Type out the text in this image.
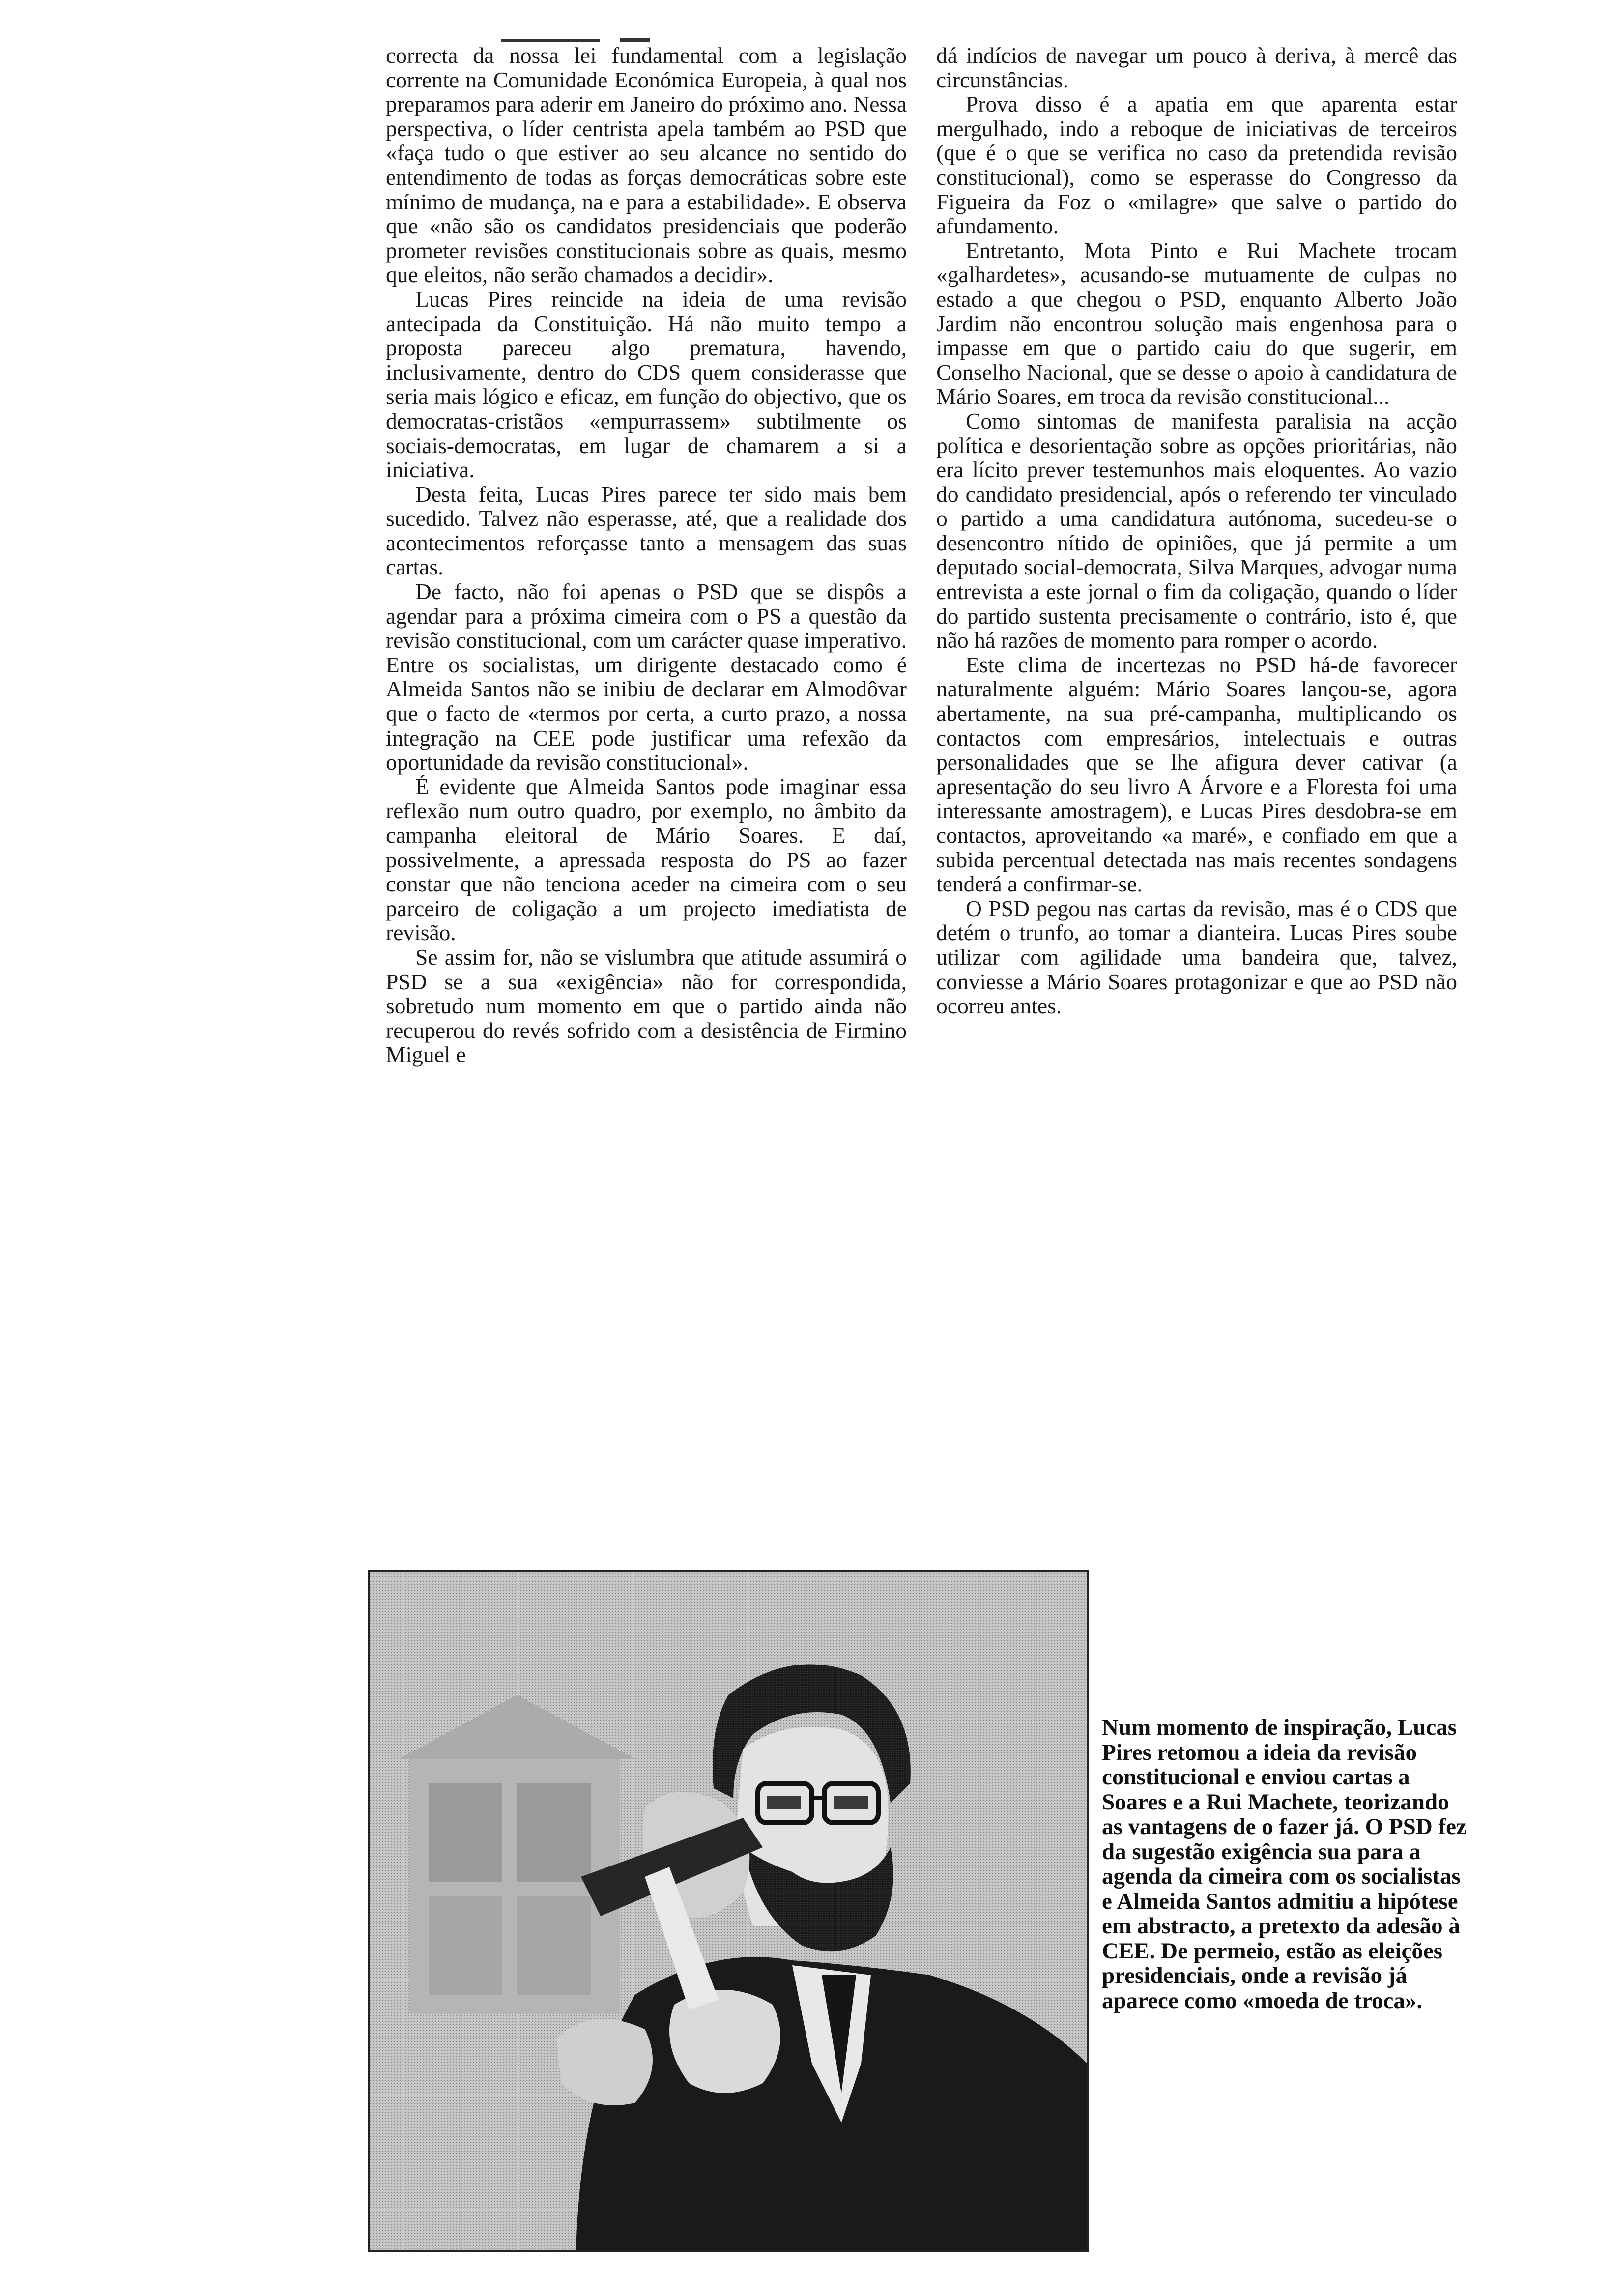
correcta da nossa lei fundamental com a legislação corrente na Comunidade Económica Europeia, à qual nos preparamos para aderir em Janeiro do próximo ano. Nessa perspectiva, o líder centrista apela também ao PSD que «faça tudo o que estiver ao seu alcance no sentido do entendimento de todas as forças democráticas sobre este mínimo de mudança, na e para a estabilidade». E observa que «não são os candidatos presidenciais que poderão prometer revisões constitucionais sobre as quais, mesmo que eleitos, não serão chamados a decidir».

Lucas Pires reincide na ideia de uma revisão antecipada da Constituição. Há não muito tempo a proposta pareceu algo prematura, havendo, inclusivamente, dentro do CDS quem considerasse que seria mais lógico e eficaz, em função do objectivo, que os democratas-cristãos «empurrassem» subtilmente os sociais-democratas, em lugar de chamarem a si a iniciativa.

Desta feita, Lucas Pires parece ter sido mais bem sucedido. Talvez não esperasse, até, que a realidade dos acontecimentos reforçasse tanto a mensagem das suas cartas.

De facto, não foi apenas o PSD que se dispôs a agendar para a próxima cimeira com o PS a questão da revisão constitucional, com um carácter quase imperativo. Entre os socialistas, um dirigente destacado como é Almeida Santos não se inibiu de declarar em Almodôvar que o facto de «termos por certa, a curto prazo, a nossa integração na CEE pode justificar uma refexão da oportunidade da revisão constitucional».

É evidente que Almeida Santos pode imaginar essa reflexão num outro quadro, por exemplo, no âmbito da campanha eleitoral de Mário Soares. E daí, possivelmente, a apressada resposta do PS ao fazer constar que não tenciona aceder na cimeira com o seu parceiro de coligação a um projecto imediatista de revisão.

Se assim for, não se vislumbra que atitude assumirá o PSD se a sua «exigência» não for correspondida, sobretudo num momento em que o partido ainda não recuperou do revés sofrido com a desistência de Firmino Miguel e

dá indícios de navegar um pouco à deriva, à mercê das circunstâncias.

Prova disso é a apatia em que aparenta estar mergulhado, indo a reboque de iniciativas de terceiros (que é o que se verifica no caso da pretendida revisão constitucional), como se esperasse do Congresso da Figueira da Foz o «milagre» que salve o partido do afundamento.

Entretanto, Mota Pinto e Rui Machete trocam «galhardetes», acusando-se mutuamente de culpas no estado a que chegou o PSD, enquanto Alberto João Jardim não encontrou solução mais engenhosa para o impasse em que o partido caiu do que sugerir, em Conselho Nacional, que se desse o apoio à candidatura de Mário Soares, em troca da revisão constitucional...

Como sintomas de manifesta paralisia na acção política e desorientação sobre as opções prioritárias, não era lícito prever testemunhos mais eloquentes. Ao vazio do candidato presidencial, após o referendo ter vinculado o partido a uma candidatura autónoma, sucedeu-se o desencontro nítido de opiniões, que já permite a um deputado social-democrata, Silva Marques, advogar numa entrevista a este jornal o fim da coligação, quando o líder do partido sustenta precisamente o contrário, isto é, que não há razões de momento para romper o acordo.

Este clima de incertezas no PSD há-de favorecer naturalmente alguém: Mário Soares lançou-se, agora abertamente, na sua pré-campanha, multiplicando os contactos com empresários, intelectuais e outras personalidades que se lhe afigura dever cativar (a apresentação do seu livro A Árvore e a Floresta foi uma interessante amostragem), e Lucas Pires desdobra-se em contactos, aproveitando «a maré», e confiado em que a subida percentual detectada nas mais recentes sondagens tenderá a confirmar-se.

O PSD pegou nas cartas da revisão, mas é o CDS que detém o trunfo, ao tomar a dianteira. Lucas Pires soube utilizar com agilidade uma bandeira que, talvez, conviesse a Mário Soares protagonizar e que ao PSD não ocorreu antes.

Num momento de inspiração, Lucas Pires retomou a ideia da revisão constitucional e enviou cartas a Soares e a Rui Machete, teorizando as vantagens de o fazer já. O PSD fez da sugestão exigência sua para a agenda da cimeira com os socialistas e Almeida Santos admitiu a hipótese em abstracto, a pretexto da adesão à CEE. De permeio, estão as eleições presidenciais, onde a revisão já aparece como «moeda de troca».
